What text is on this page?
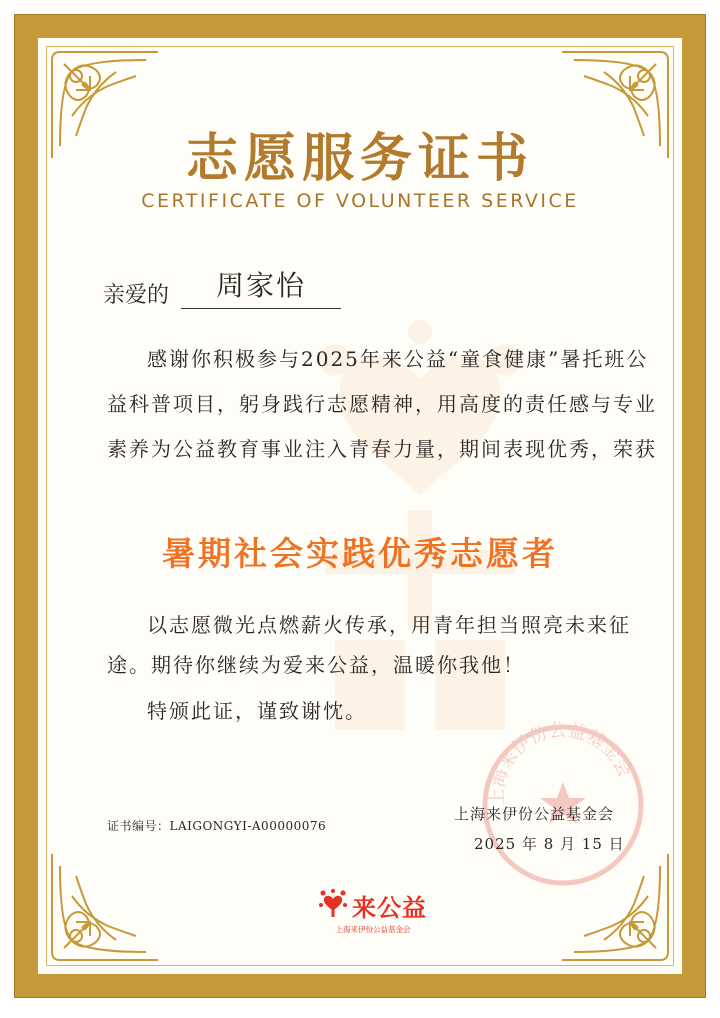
志愿服务证书
CERTIFICATE OF VOLUNTEER SERVICE
亲爱的	周家怡

感谢你积极参与2025年来公益“童食健康”暑托班公益科普项目，躬身践行志愿精神，用高度的责任感与专业素养为公益教育事业注入青春力量，期间表现优秀，荣获

暑期社会实践优秀志愿者

以志愿微光点燃薪火传承，用青年担当照亮未来征途。期待你继续为爱来公益，温暖你我他！

特颁此证，谨致谢忱。

上海来伊份公益基金会
证书编号：LAIGONGYI-A00000076
上海来伊份公益基金会
2025 年 8 月 15 日
来公益
上海来伊份公益基金会
